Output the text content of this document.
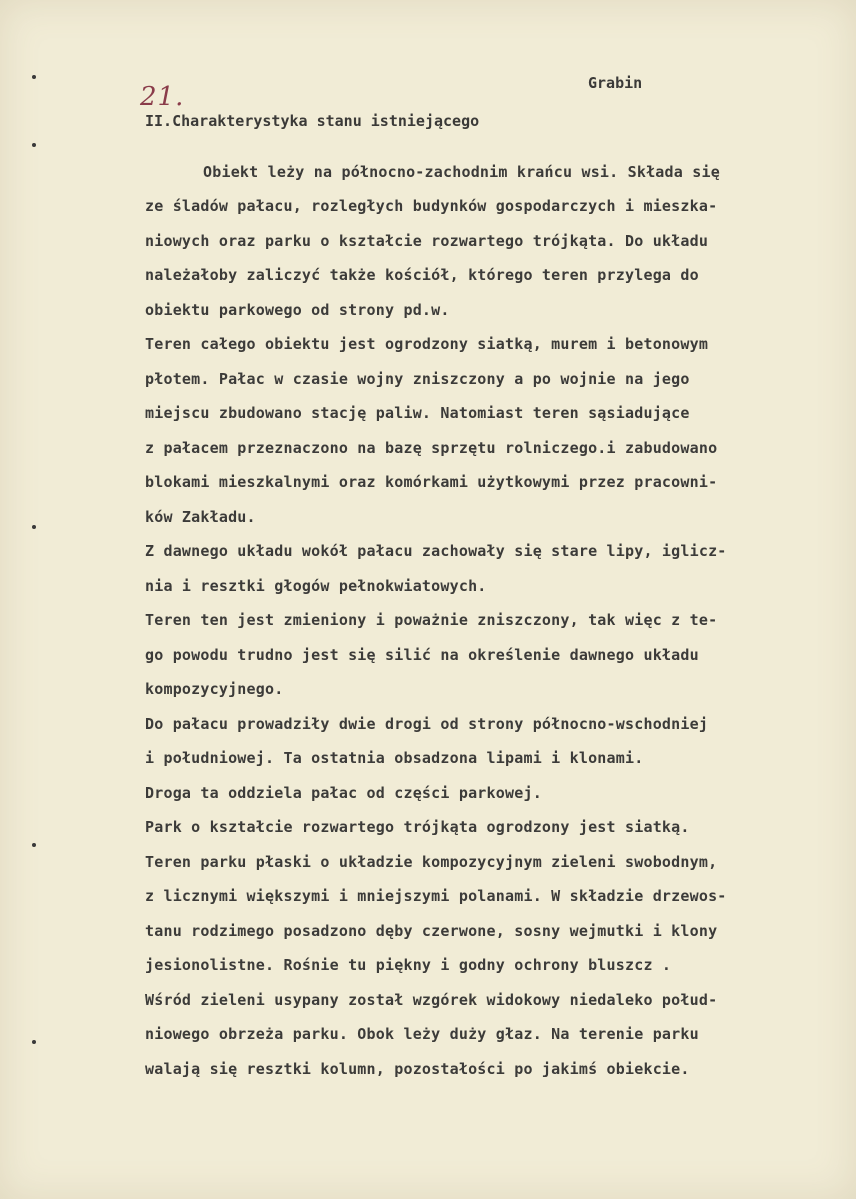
21.	Grabin
II.Charakterystyka stanu istniejącego
Obiekt leży na północno-zachodnim krańcu wsi. Składa się
ze śladów pałacu, rozległych budynków gospodarczych i mieszka-
niowych oraz parku o kształcie rozwartego trójkąta. Do układu
należałoby zaliczyć także kościół, którego teren przylega do
obiektu parkowego od strony pd.w.
Teren całego obiektu jest ogrodzony siatką, murem i betonowym
płotem. Pałac w czasie wojny zniszczony a po wojnie na jego
miejscu zbudowano stację paliw. Natomiast teren sąsiadujące
z pałacem przeznaczono na bazę sprzętu rolniczego.i zabudowano
blokami mieszkalnymi oraz komórkami użytkowymi przez pracowni-
ków Zakładu.
Z dawnego układu wokół pałacu zachowały się stare lipy, iglicz-
nia i resztki głogów pełnokwiatowych.
Teren ten jest zmieniony i poważnie zniszczony, tak więc z te-
go powodu trudno jest się silić na określenie dawnego układu
kompozycyjnego.
Do pałacu prowadziły dwie drogi od strony północno-wschodniej
i południowej. Ta ostatnia obsadzona lipami i klonami.
Droga ta oddziela pałac od części parkowej.
Park o kształcie rozwartego trójkąta ogrodzony jest siatką.
Teren parku płaski o układzie kompozycyjnym zieleni swobodnym,
z licznymi większymi i mniejszymi polanami. W składzie drzewos-
tanu rodzimego posadzono dęby czerwone, sosny wejmutki i klony
jesionolistne. Rośnie tu piękny i godny ochrony bluszcz .
Wśród zieleni usypany został wzgórek widokowy niedaleko połud-
niowego obrzeża parku. Obok leży duży głaz. Na terenie parku
walają się resztki kolumn, pozostałości po jakimś obiekcie.
